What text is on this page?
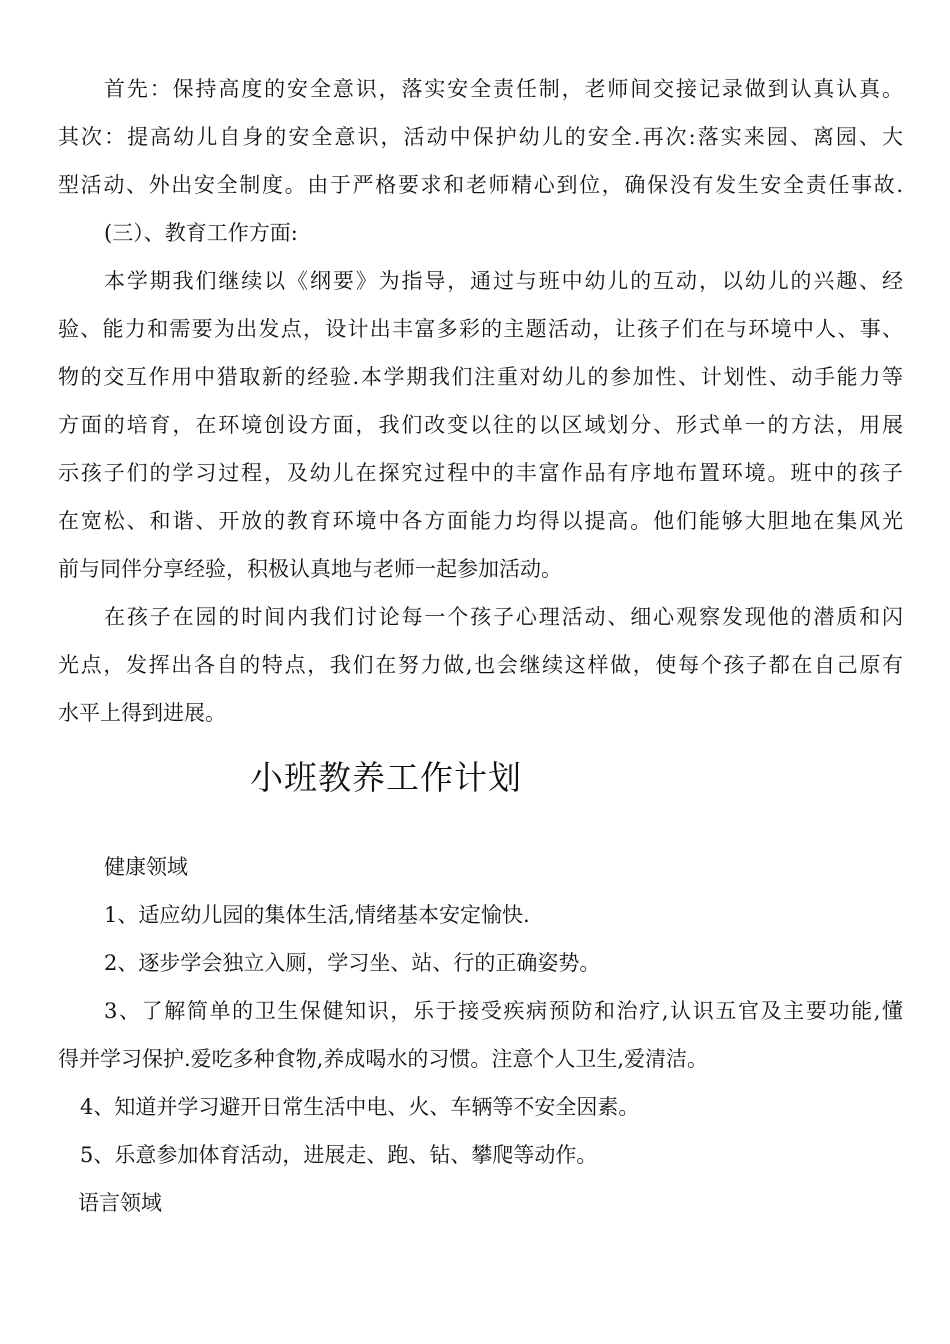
首先：保持高度的安全意识，落实安全责任制，老师间交接记录做到认真认真。
其次：提高幼儿自身的安全意识，活动中保护幼儿的安全.再次:落实来园、离园、大
型活动、外出安全制度。由于严格要求和老师精心到位，确保没有发生安全责任事故.
(三）、教育工作方面:
本学期我们继续以《纲要》为指导，通过与班中幼儿的互动，以幼儿的兴趣、经
验、能力和需要为出发点，设计出丰富多彩的主题活动，让孩子们在与环境中人、事、
物的交互作用中猎取新的经验.本学期我们注重对幼儿的参加性、计划性、动手能力等
方面的培育，在环境创设方面，我们改变以往的以区域划分、形式单一的方法，用展
示孩子们的学习过程，及幼儿在探究过程中的丰富作品有序地布置环境。班中的孩子
在宽松、和谐、开放的教育环境中各方面能力均得以提高。他们能够大胆地在集风光
前与同伴分享经验，积极认真地与老师一起参加活动。
在孩子在园的时间内我们讨论每一个孩子心理活动、细心观察发现他的潜质和闪
光点，发挥出各自的特点，我们在努力做,也会继续这样做，使每个孩子都在自己原有
水平上得到进展。
小班教养工作计划
健康领域
1、适应幼儿园的集体生活,情绪基本安定愉快.
2、逐步学会独立入厕，学习坐、站、行的正确姿势。
3、了解简单的卫生保健知识，乐于接受疾病预防和治疗,认识五官及主要功能,懂
得并学习保护.爱吃多种食物,养成喝水的习惯。注意个人卫生,爱清洁。
4、知道并学习避开日常生活中电、火、车辆等不安全因素。
5、乐意参加体育活动，进展走、跑、钻、攀爬等动作。
语言领域
